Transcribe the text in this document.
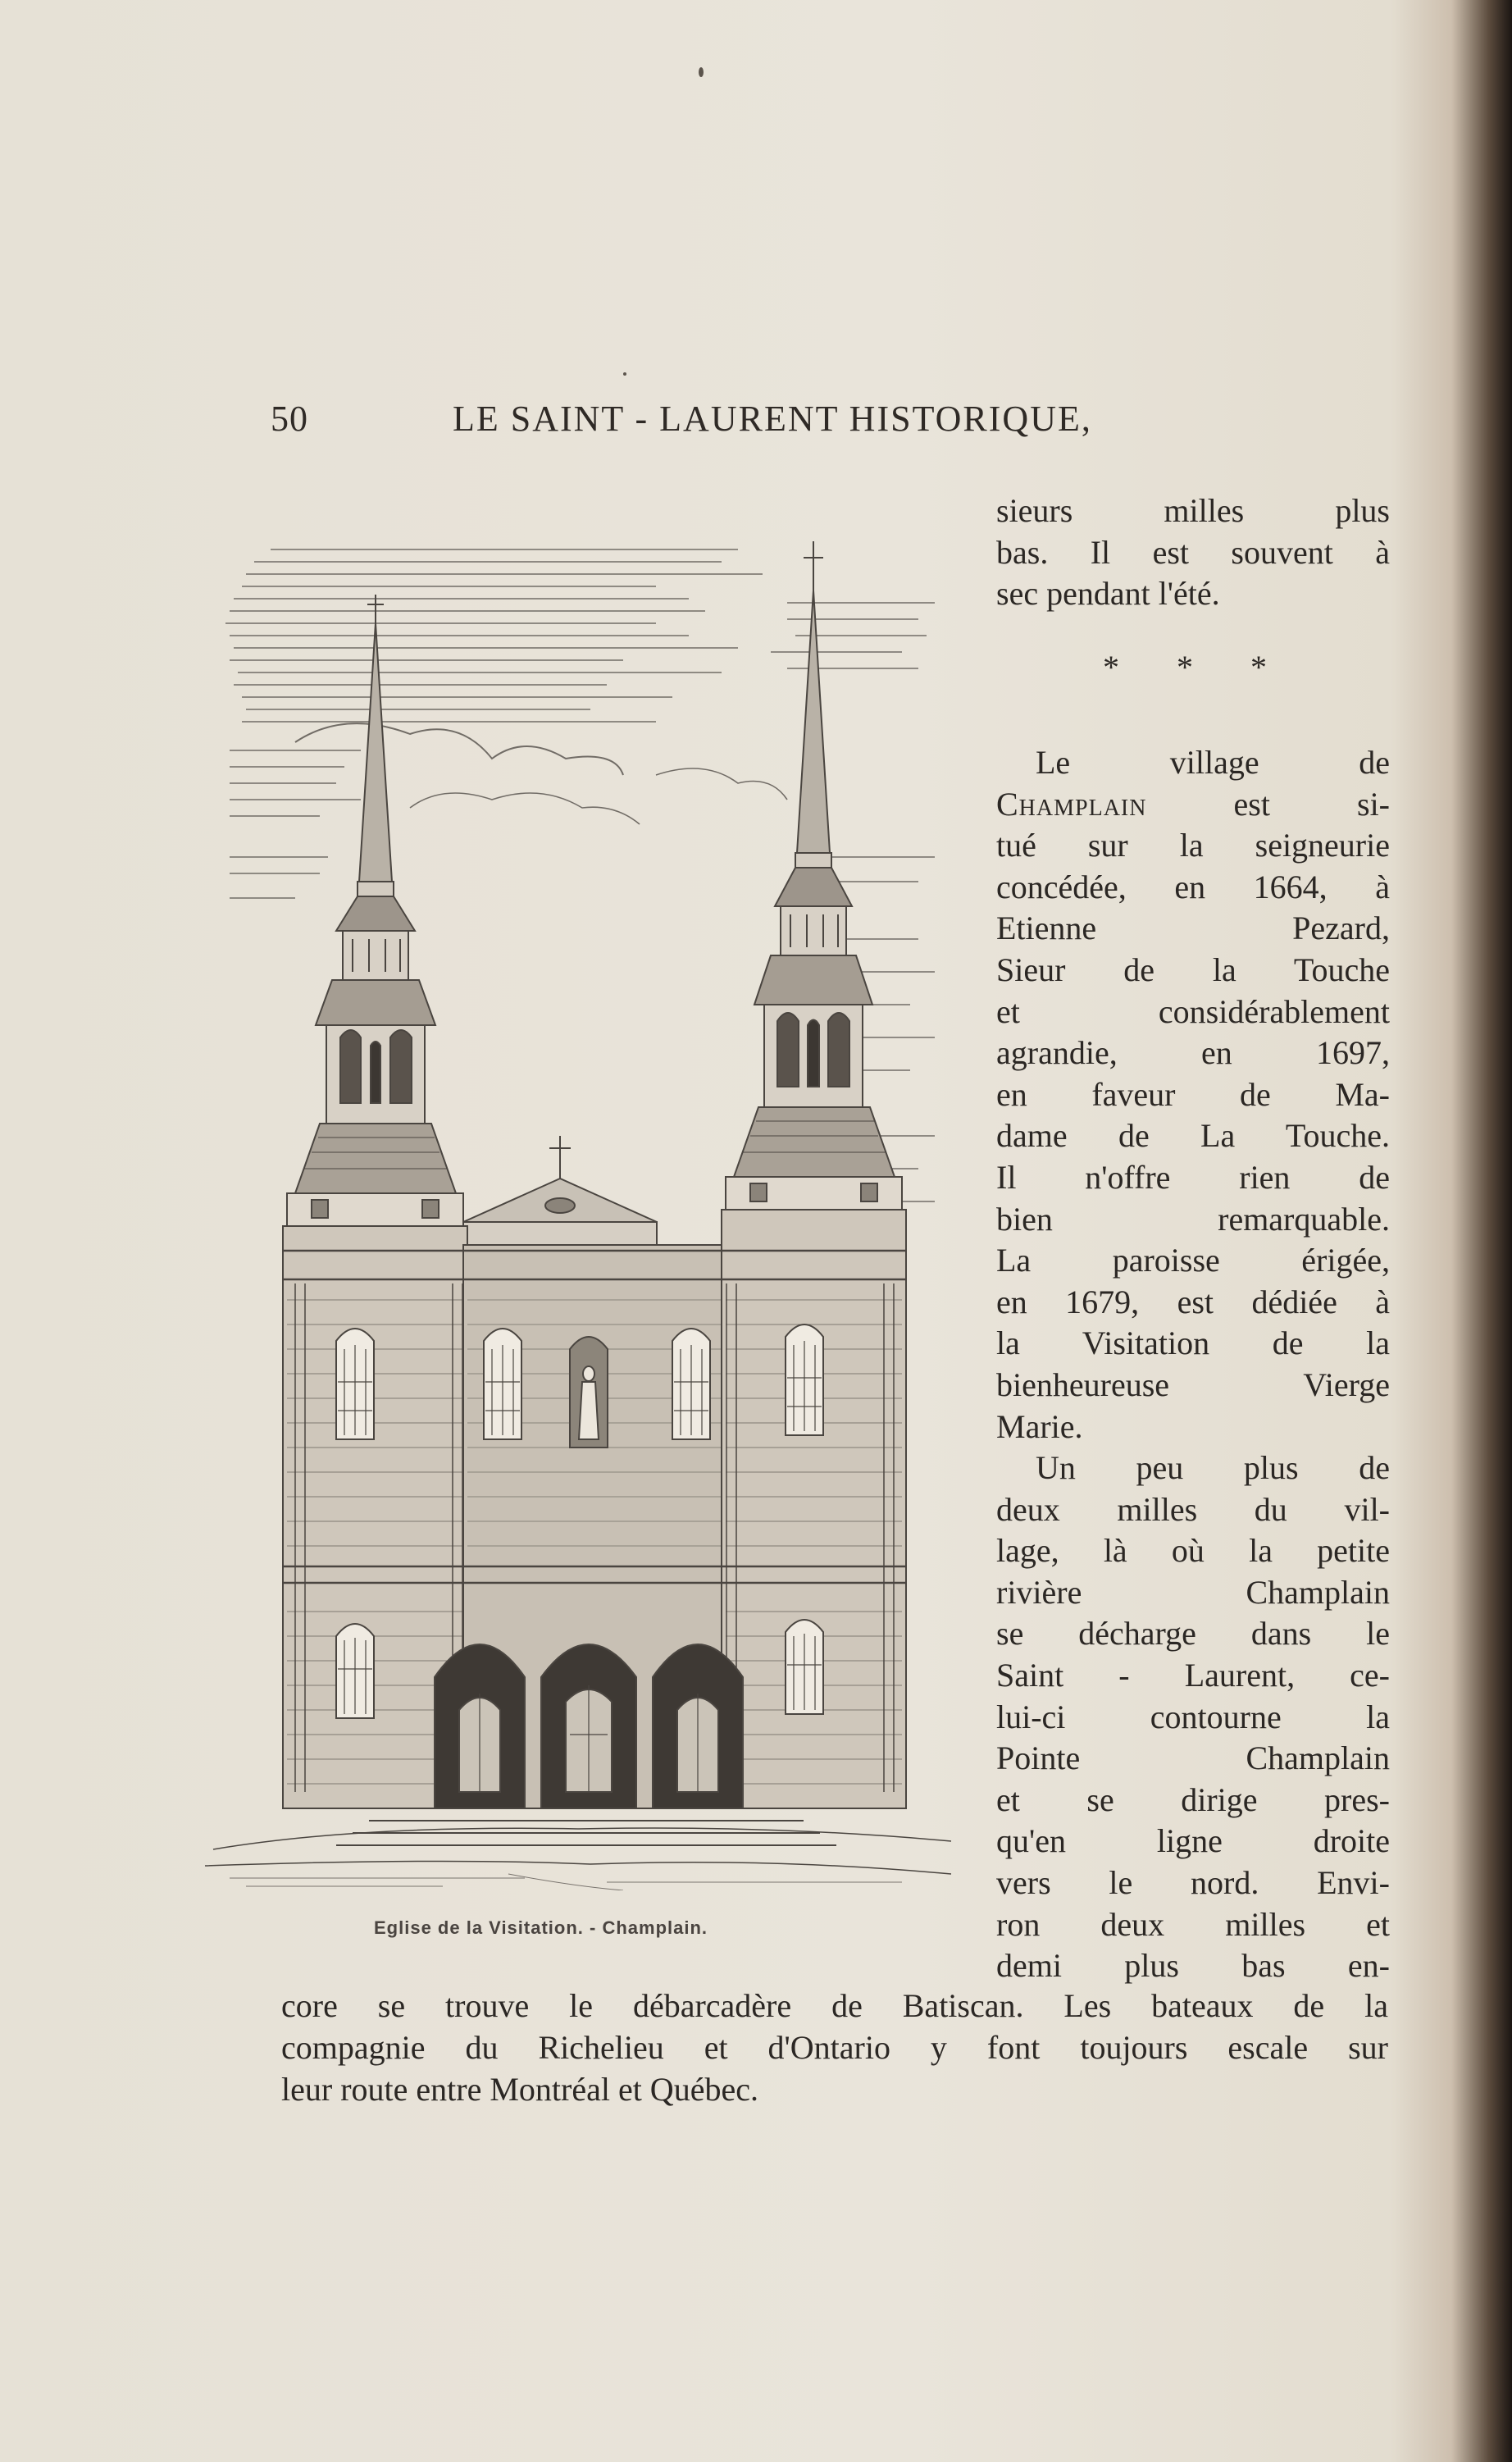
50	LE SAINT - LAURENT HISTORIQUE,
Eglise de la Visitation. - Champlain.
sieurs milles plus
bas. Il est souvent à
sec pendant l'été.
* * *
Le village de
Champlain	est si-
tué sur la seigneurie
concédée, en 1664, à
Etienne Pezard,
Sieur de la Touche
et considérablement
agrandie, en 1697,
en faveur de Ma-
dame de La Touche.
Il n'offre rien de
bien remarquable.
La paroisse érigée,
en 1679, est dédiée à
la Visitation de la
bienheureuse Vierge
Marie.
Un peu plus de
deux milles du vil-
lage, là où la petite
rivière Champlain
se décharge dans le
Saint - Laurent, ce-
lui-ci contourne la
Pointe Champlain
et se dirige pres-
qu'en ligne droite
vers le nord. Envi-
ron deux milles et
demi plus bas en-
core se trouve le débarcadère de Batiscan. Les bateaux de la
compagnie du Richelieu et d'Ontario y font toujours escale sur
leur route entre Montréal et Québec.
